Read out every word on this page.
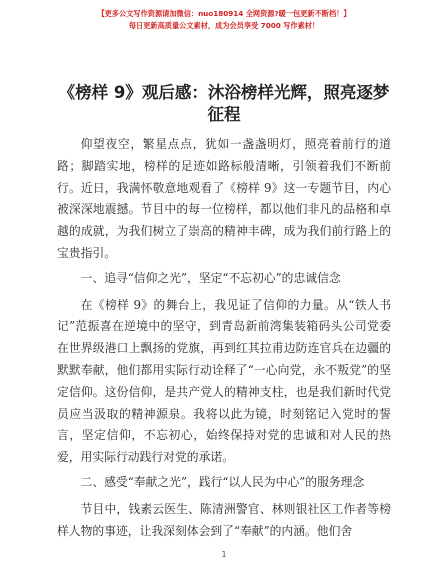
【更多公文写作资源请加微信：nuo180914 全网资源?暖一包更新不断档！】
每日更新高质量公文素材，成为会员享受 7000 写作素材！
《榜样 9》观后感：沐浴榜样光辉，照亮逐梦征程

仰望夜空，繁星点点，犹如一盏盏明灯，照亮着前行的道路；脚踏实地，榜样的足迹如路标般清晰，引领着我们不断前行。近日，我满怀敬意地观看了《榜样 9》这一专题节目，内心被深深地震撼。节目中的每一位榜样，都以他们非凡的品格和卓越的成就，为我们树立了崇高的精神丰碑，成为我们前行路上的宝贵指引。

一、追寻“信仰之光”，坚定“不忘初心”的忠诚信念

在《榜样 9》的舞台上，我见证了信仰的力量。从“铁人书记”范振喜在逆境中的坚守，到青岛新前湾集装箱码头公司党委在世界级港口上飘扬的党旗，再到红其拉甫边防连官兵在边疆的默默奉献，他们都用实际行动诠释了“一心向党，永不叛党”的坚定信仰。这份信仰，是共产党人的精神支柱，也是我们新时代党员应当汲取的精神源泉。我将以此为镜，时刻铭记入党时的誓言，坚定信仰，不忘初心，始终保持对党的忠诚和对人民的热爱，用实际行动践行对党的承诺。

二、感受“奉献之光”，践行“以人民为中心”的服务理念

节目中，钱素云医生、陈清洲警官、林则银社区工作者等榜样人物的事迹，让我深刻体会到了“奉献”的内涵。他们舍

1
